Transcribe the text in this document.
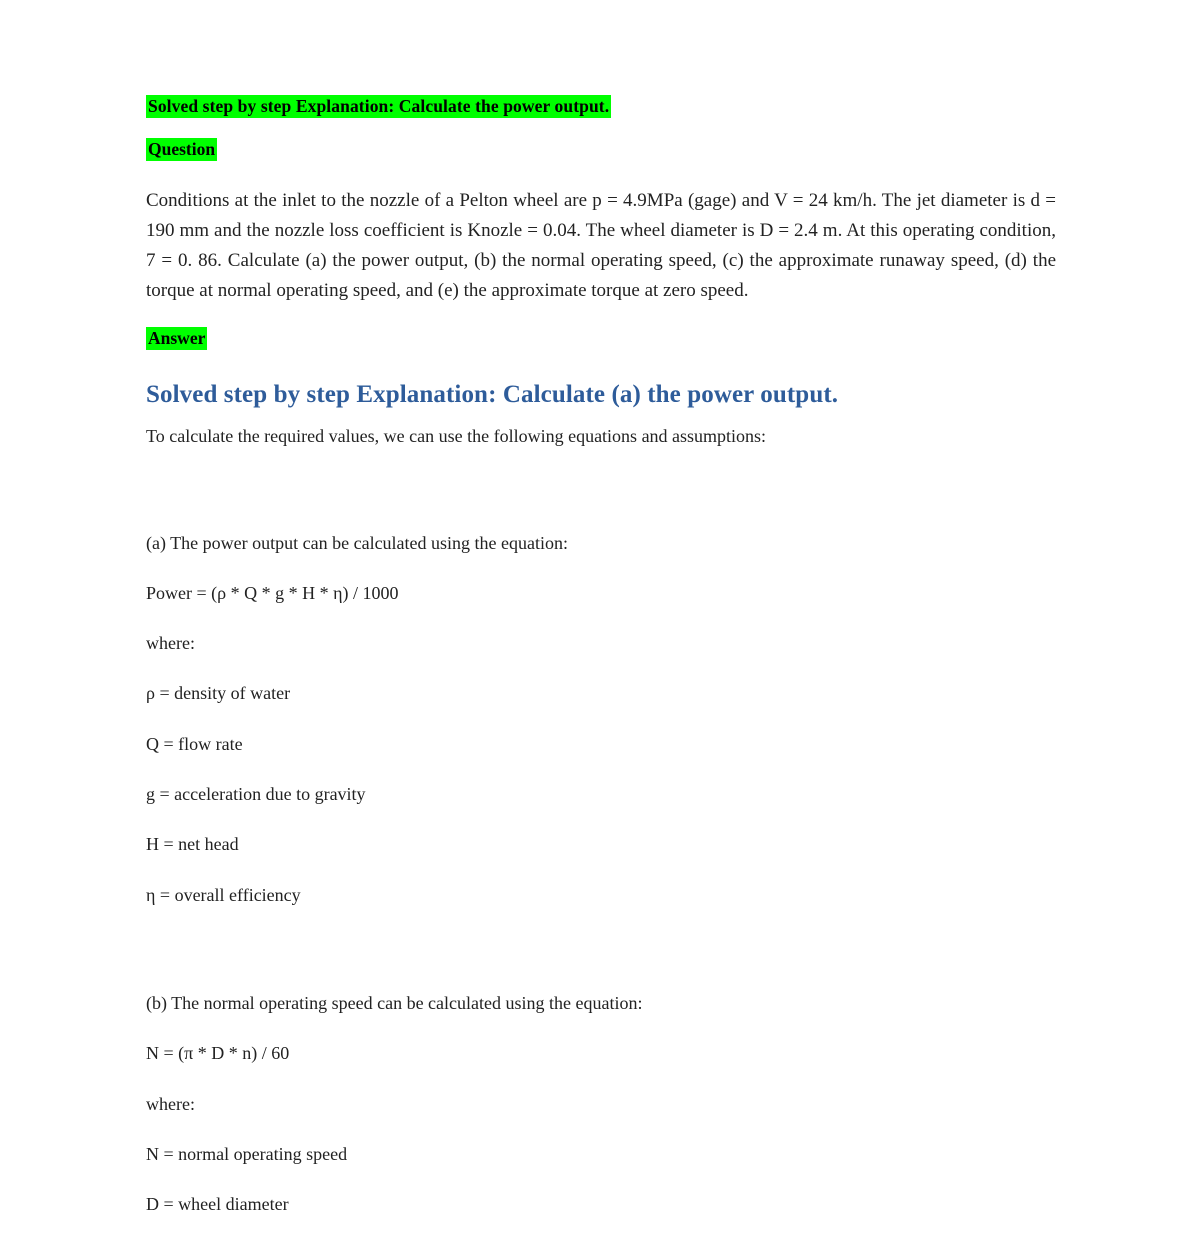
Solved step by step Explanation: Calculate the power output.

Question

Conditions at the inlet to the nozzle of a Pelton wheel are p = 4.9MPa (gage) and V = 24 km/h. The jet diameter is d = 190 mm and the nozzle loss coefficient is Knozle = 0.04. The wheel diameter is D = 2.4 m. At this operating condition, 7 = 0. 86. Calculate (a) the power output, (b) the normal operating speed, (c) the approximate runaway speed, (d) the torque at normal operating speed, and (e) the approximate torque at zero speed.

Answer

Solved step by step Explanation: Calculate (a) the power output.

To calculate the required values, we can use the following equations and assumptions:

(a) The power output can be calculated using the equation:

Power = (ρ * Q * g * H * η) / 1000

where:

ρ = density of water

Q = flow rate

g = acceleration due to gravity

H = net head

η = overall efficiency

(b) The normal operating speed can be calculated using the equation:

N = (π * D * n) / 60

where:

N = normal operating speed

D = wheel diameter
